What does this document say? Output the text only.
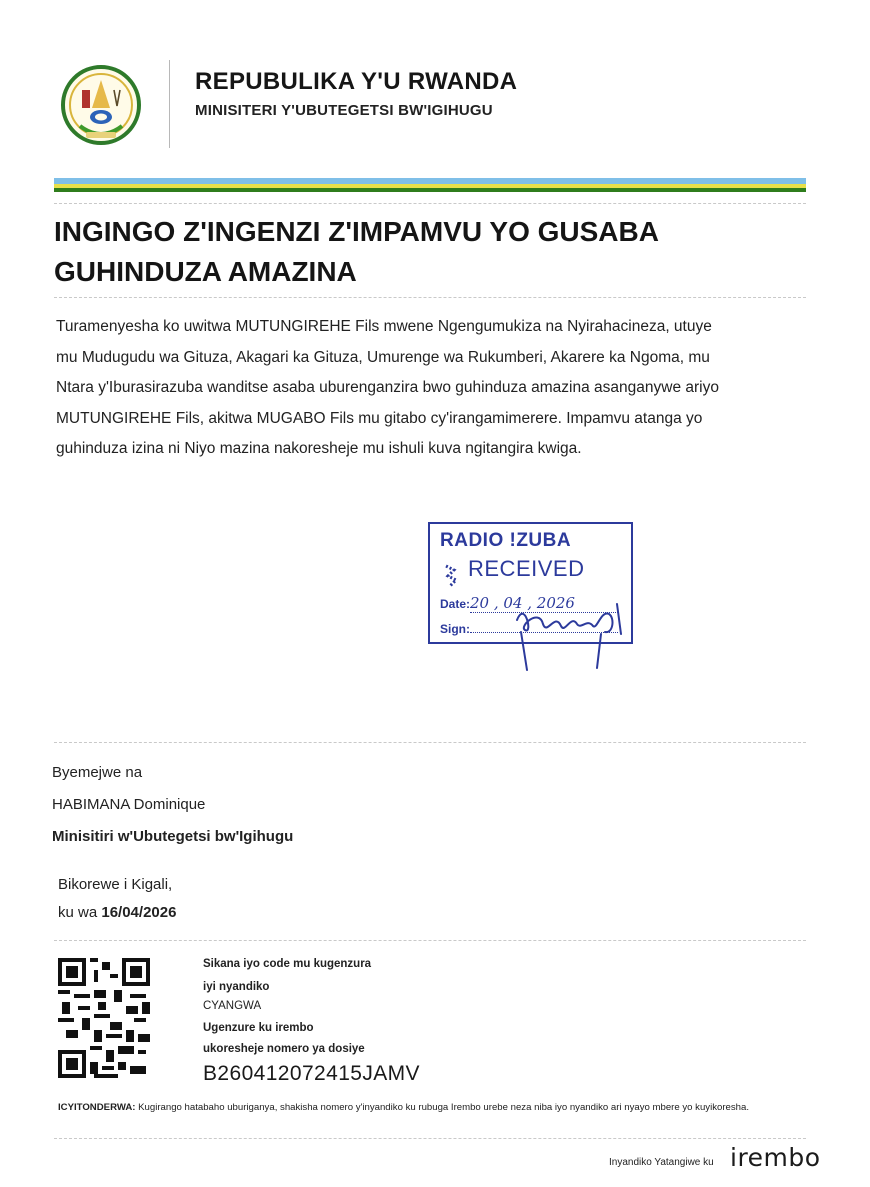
REPUBULIKA Y'U RWANDA
MINISITERI Y'UBUTEGETSI BW'IGIHUGU
INGINGO Z'INGENZI Z'IMPAMVU YO GUSABA
GUHINDUZA AMAZINA
Turamenyesha ko uwitwa MUTUNGIREHE Fils mwene Ngengumukiza na Nyirahacineza, utuye
mu Mudugudu wa Gituza, Akagari ka Gituza, Umurenge wa Rukumberi, Akarere ka Ngoma, mu
Ntara y'Iburasirazuba wanditse asaba uburenganzira bwo guhinduza amazina asanganywe ariyo
MUTUNGIREHE Fils, akitwa MUGABO Fils mu gitabo cy'irangamimerere. Impamvu atanga yo
guhinduza izina ni Niyo mazina nakoresheje mu ishuli kuva ngitangira kwiga.
RADIO !ZUBA
RECEIVED
Date:20 , 04 , 2026
Sign:
Byemejwe na
HABIMANA Dominique
Minisitiri w'Ubutegetsi bw'Igihugu
Bikorewe i Kigali,
ku wa 16/04/2026
Sikana iyo code mu kugenzura
iyi nyandiko
CYANGWA
Ugenzure ku irembo
ukoresheje nomero ya dosiye
B260412072415JAMV
ICYITONDERWA: Kugirango hatabaho uburiganya, shakisha nomero y'inyandiko ku rubuga Irembo urebe neza niba iyo nyandiko ari nyayo mbere yo kuyikoresha.
Inyandiko Yatangiwe ku irembo
